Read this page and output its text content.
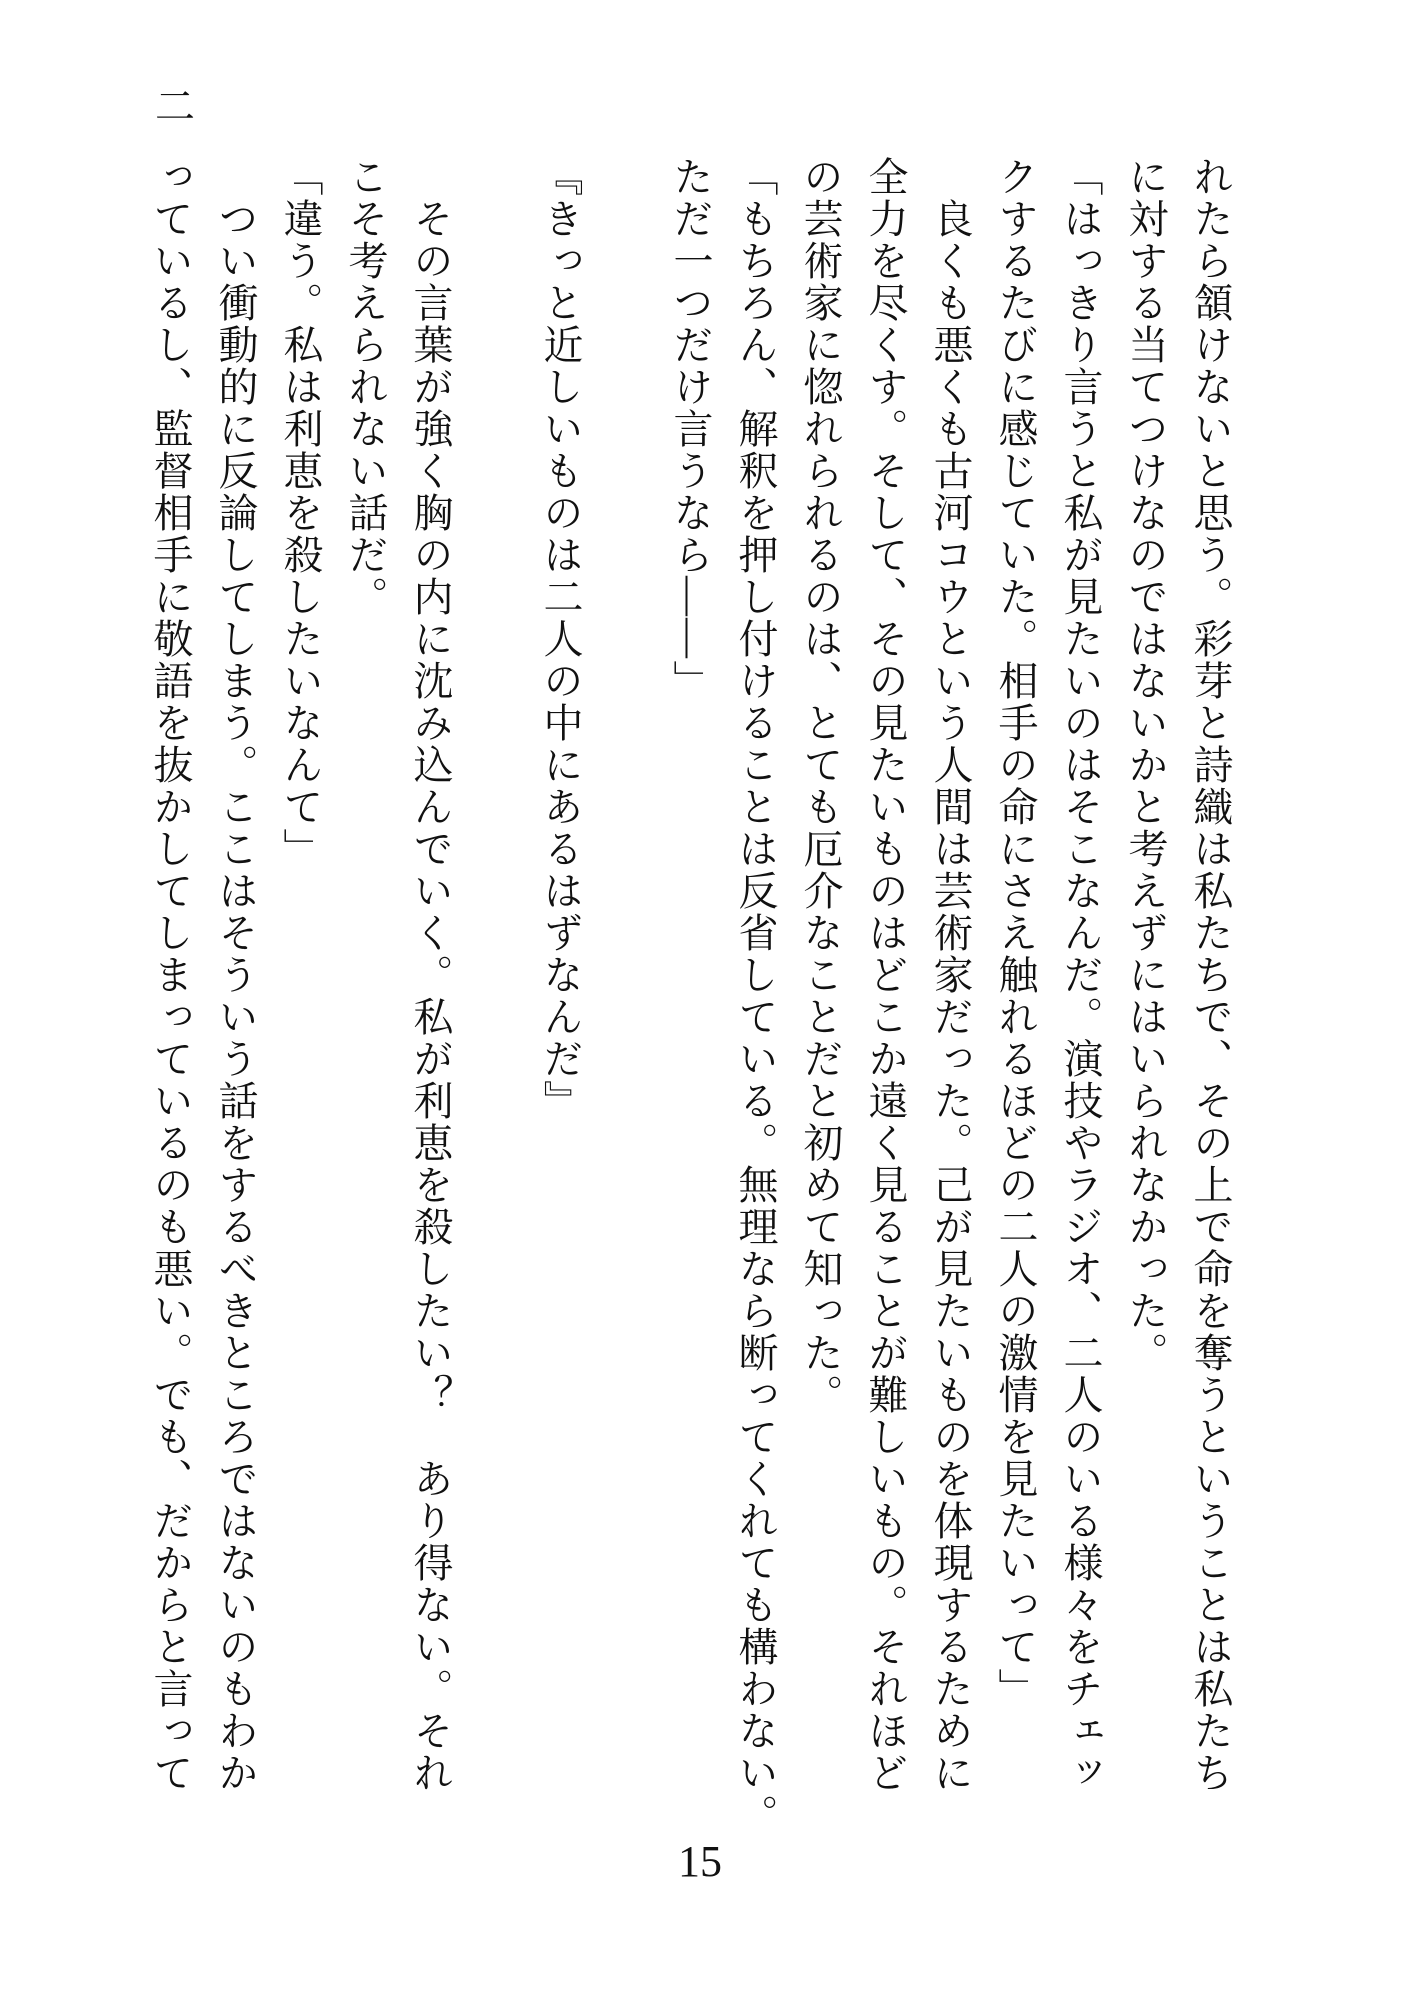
二
れたら頷けないと思う。彩芽と詩織は私たちで、その上で命を奪うということは私たち
に対する当てつけなのではないかと考えずにはいられなかった。
「はっきり言うと私が見たいのはそこなんだ。演技やラジオ、二人のいる様々をチェッ
クするたびに感じていた。相手の命にさえ触れるほどの二人の激情を見たいって」
　良くも悪くも古河コウという人間は芸術家だった。己が見たいものを体現するために
全力を尽くす。そして、その見たいものはどこか遠く見ることが難しいもの。それほど
の芸術家に惚れられるのは、とても厄介なことだと初めて知った。
「もちろん、解釈を押し付けることは反省している。無理なら断ってくれても構わない。
ただ一つだけ言うなら――」
『きっと近しいものは二人の中にあるはずなんだ』
　その言葉が強く胸の内に沈み込んでいく。私が利恵を殺したい？　あり得ない。それ
こそ考えられない話だ。
「違う。私は利恵を殺したいなんて」
　つい衝動的に反論してしまう。ここはそういう話をするべきところではないのもわか
っているし、監督相手に敬語を抜かしてしまっているのも悪い。でも、だからと言って
15
